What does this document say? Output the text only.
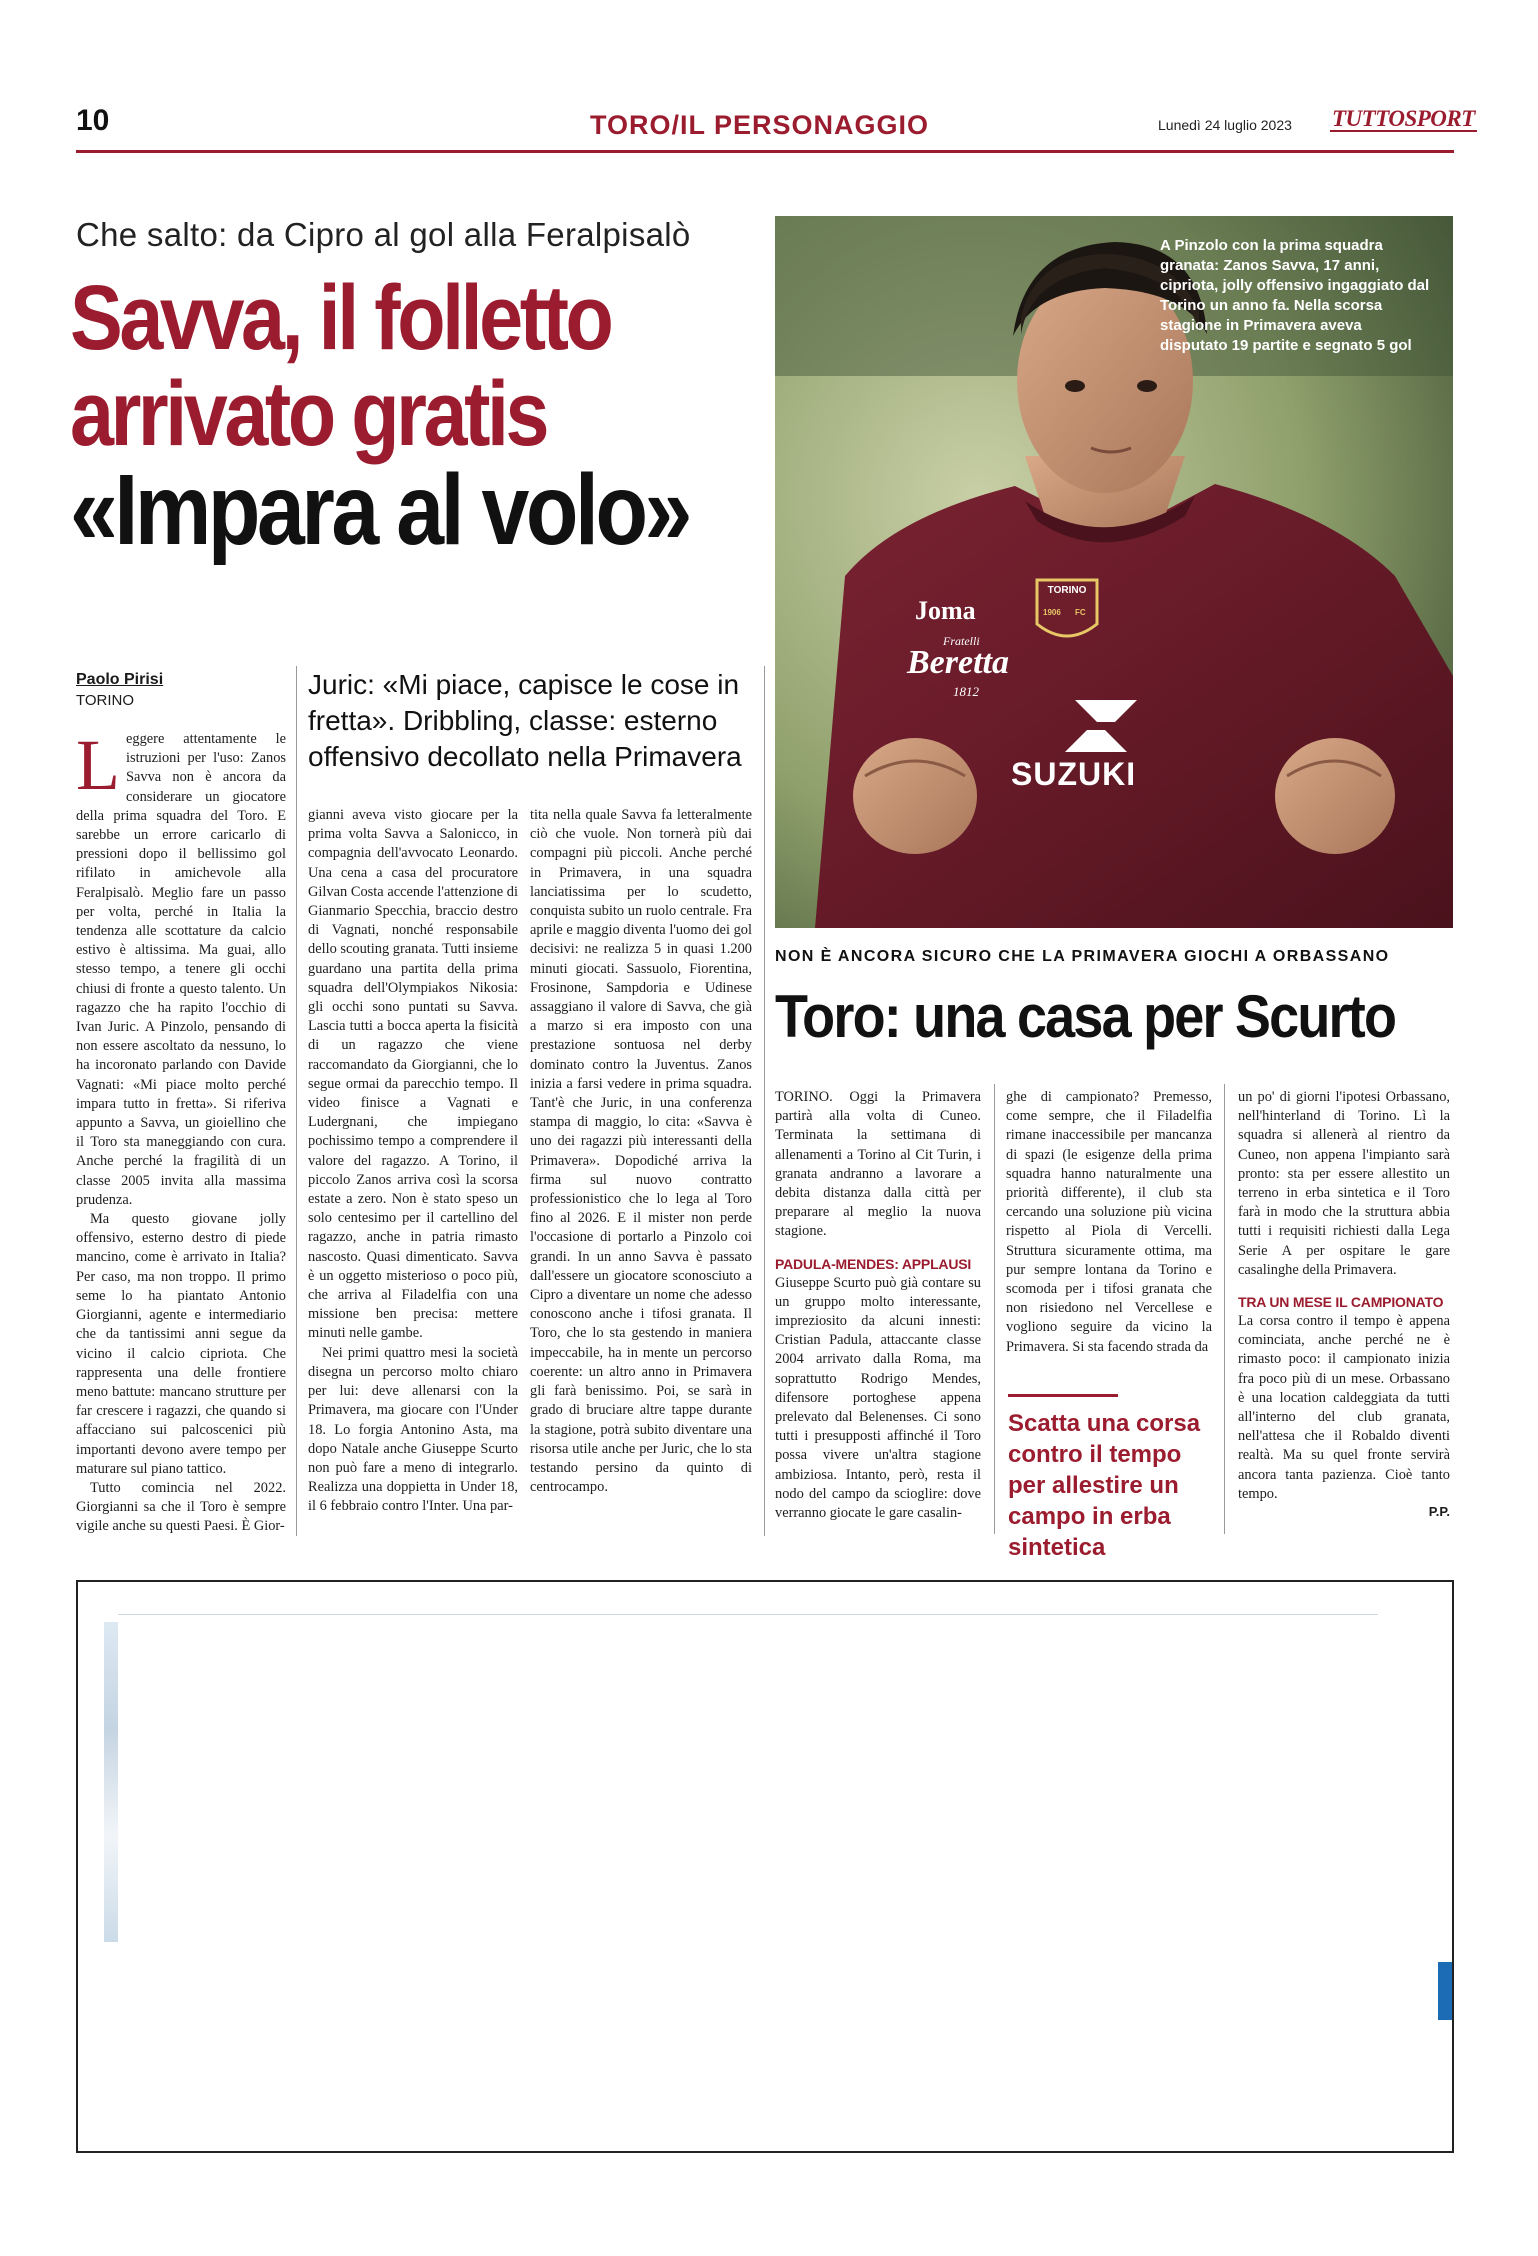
10	TORO/IL PERSONAGGIO	Lunedì 24 luglio 2023 TUTTOSPORT
Che salto: da Cipro al gol alla Feralpisalò
Joma
Fratelli
Beretta
1812
SUZUKI
TORINO
1906 FC
A Pinzolo con la prima squadra granata: Zanos Savva, 17 anni, cipriota, jolly offensivo ingaggiato dal Torino un anno fa. Nella scorsa stagione in Primavera aveva disputato 19 partite e segnato 5 gol
Savva, il folletto
arrivato gratis
«Impara al volo»
Paolo Pirisi
TORINO
Juric: «Mi piace, capisce le cose in fretta». Dribbling, classe: esterno offensivo decollato nella Primavera

Leggere attentamente le istruzioni per l'uso: Zanos Savva non è ancora da considerare un giocatore della prima squadra del Toro. E sarebbe un errore caricarlo di pressioni dopo il bellissimo gol rifilato in amichevole alla Feralpisalò. Meglio fare un passo per volta, perché in Italia la tendenza alle scottature da calcio estivo è altissima. Ma guai, allo stesso tempo, a tenere gli occhi chiusi di fronte a questo talento. Un ragazzo che ha rapito l'occhio di Ivan Juric. A Pinzolo, pensando di non essere ascoltato da nessuno, lo ha incoronato parlando con Davide Vagnati: «Mi piace molto perché impara tutto in fretta». Si riferiva appunto a Savva, un gioiellino che il Toro sta maneggiando con cura. Anche perché la fragilità di un classe 2005 invita alla massima prudenza.

Ma questo giovane jolly offensivo, esterno destro di piede mancino, come è arrivato in Italia? Per caso, ma non troppo. Il primo seme lo ha piantato Antonio Giorgianni, agente e intermediario che da tantissimi anni segue da vicino il calcio cipriota. Che rappresenta una delle frontiere meno battute: mancano strutture per far crescere i ragazzi, che quando si affacciano sui palcoscenici più importanti devono avere tempo per maturare sul piano tattico.

Tutto comincia nel 2022. Giorgianni sa che il Toro è sempre vigile anche su questi Paesi. È Gior-

gianni aveva visto giocare per la prima volta Savva a Salonicco, in compagnia dell'avvocato Leonardo. Una cena a casa del procuratore Gilvan Costa accende l'attenzione di Gianmario Specchia, braccio destro di Vagnati, nonché responsabile dello scouting granata. Tutti insieme guardano una partita della prima squadra dell'Olympiakos Nikosia: gli occhi sono puntati su Savva. Lascia tutti a bocca aperta la fisicità di un ragazzo che viene raccomandato da Giorgianni, che lo segue ormai da parecchio tempo. Il video finisce a Vagnati e Ludergnani, che impiegano pochissimo tempo a comprendere il valore del ragazzo. A Torino, il piccolo Zanos arriva così la scorsa estate a zero. Non è stato speso un solo centesimo per il cartellino del ragazzo, anche in patria rimasto nascosto. Quasi dimenticato. Savva è un oggetto misterioso o poco più, che arriva al Filadelfia con una missione ben precisa: mettere minuti nelle gambe.

Nei primi quattro mesi la società disegna un percorso molto chiaro per lui: deve allenarsi con la Primavera, ma giocare con l'Under 18. Lo forgia Antonino Asta, ma dopo Natale anche Giuseppe Scurto non può fare a meno di integrarlo. Realizza una doppietta in Under 18, il 6 febbraio contro l'Inter. Una par-

tita nella quale Savva fa letteralmente ciò che vuole. Non tornerà più dai compagni più piccoli. Anche perché in Primavera, in una squadra lanciatissima per lo scudetto, conquista subito un ruolo centrale. Fra aprile e maggio diventa l'uomo dei gol decisivi: ne realizza 5 in quasi 1.200 minuti giocati. Sassuolo, Fiorentina, Frosinone, Sampdoria e Udinese assaggiano il valore di Savva, che già a marzo si era imposto con una prestazione sontuosa nel derby dominato contro la Juventus. Zanos inizia a farsi vedere in prima squadra. Tant'è che Juric, in una conferenza stampa di maggio, lo cita: «Savva è uno dei ragazzi più interessanti della Primavera». Dopodiché arriva la firma sul nuovo contratto professionistico che lo lega al Toro fino al 2026. E il mister non perde l'occasione di portarlo a Pinzolo coi grandi. In un anno Savva è passato dall'essere un giocatore sconosciuto a Cipro a diventare un nome che adesso conoscono anche i tifosi granata. Il Toro, che lo sta gestendo in maniera impeccabile, ha in mente un percorso coerente: un altro anno in Primavera gli farà benissimo. Poi, se sarà in grado di bruciare altre tappe durante la stagione, potrà subito diventare una risorsa utile anche per Juric, che lo sta testando persino da quinto di centrocampo.

NON È ANCORA SICURO CHE LA PRIMAVERA GIOCHI A ORBASSANO
Toro: una casa per Scurto

TORINO. Oggi la Primavera partirà alla volta di Cuneo. Terminata la settimana di allenamenti a Torino al Cit Turin, i granata andranno a lavorare a debita distanza dalla città per preparare al meglio la nuova stagione.

PADULA-MENDES: APPLAUSI

Giuseppe Scurto può già contare su un gruppo molto interessante, impreziosito da alcuni innesti: Cristian Padula, attaccante classe 2004 arrivato dalla Roma, ma soprattutto Rodrigo Mendes, difensore portoghese appena prelevato dal Belenenses. Ci sono tutti i presupposti affinché il Toro possa vivere un'altra stagione ambiziosa. Intanto, però, resta il nodo del campo da scioglire: dove verranno giocate le gare casalin-

ghe di campionato? Premesso, come sempre, che il Filadelfia rimane inaccessibile per mancanza di spazi (le esigenze della prima squadra hanno naturalmente una priorità differente), il club sta cercando una soluzione più vicina rispetto al Piola di Vercelli. Struttura sicuramente ottima, ma pur sempre lontana da Torino e scomoda per i tifosi granata che non risiedono nel Vercellese e vogliono seguire da vicino la Primavera. Si sta facendo strada da

Scatta una corsa contro il tempo per allestire un campo in erba sintetica

un po' di giorni l'ipotesi Orbassano, nell'hinterland di Torino. Lì la squadra si allenerà al rientro da Cuneo, non appena l'impianto sarà pronto: sta per essere allestito un terreno in erba sintetica e il Toro farà in modo che la struttura abbia tutti i requisiti richiesti dalla Lega Serie A per ospitare le gare casalinghe della Primavera.

TRA UN MESE IL CAMPIONATO

La corsa contro il tempo è appena cominciata, anche perché ne è rimasto poco: il campionato inizia fra poco più di un mese. Orbassano è una location caldeggiata da tutti all'interno del club granata, nell'attesa che il Robaldo diventi realtà. Ma su quel fronte servirà ancora tanta pazienza. Cioè tanto tempo.

P.P.
